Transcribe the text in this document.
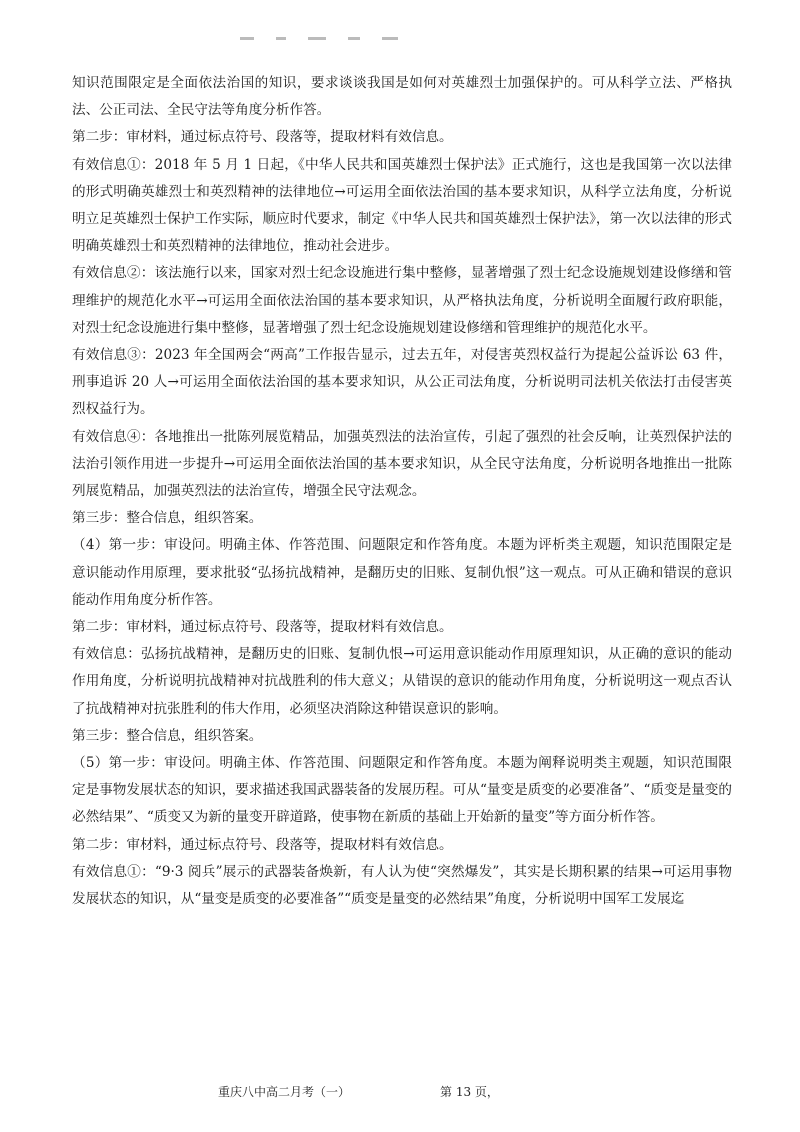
知识范围限定是全面依法治国的知识，要求谈谈我国是如何对英雄烈士加强保护的。可从科学立法、严格执法、公正司法、全民守法等角度分析作答。

第二步：审材料，通过标点符号、段落等，提取材料有效信息。

有效信息①：2018 年 5 月 1 日起，《中华人民共和国英雄烈士保护法》正式施行，这也是我国第一次以法律的形式明确英雄烈士和英烈精神的法律地位→可运用全面依法治国的基本要求知识，从科学立法角度，分析说明立足英雄烈士保护工作实际，顺应时代要求，制定《中华人民共和国英雄烈士保护法》，第一次以法律的形式明确英雄烈士和英烈精神的法律地位，推动社会进步。

有效信息②：该法施行以来，国家对烈士纪念设施进行集中整修，显著增强了烈士纪念设施规划建设修缮和管理维护的规范化水平→可运用全面依法治国的基本要求知识，从严格执法角度，分析说明全面履行政府职能，对烈士纪念设施进行集中整修，显著增强了烈士纪念设施规划建设修缮和管理维护的规范化水平。

有效信息③：2023 年全国两会“两高”工作报告显示，过去五年，对侵害英烈权益行为提起公益诉讼 63 件，刑事追诉 20 人→可运用全面依法治国的基本要求知识，从公正司法角度，分析说明司法机关依法打击侵害英烈权益行为。

有效信息④：各地推出一批陈列展览精品，加强英烈法的法治宣传，引起了强烈的社会反响，让英烈保护法的法治引领作用进一步提升→可运用全面依法治国的基本要求知识，从全民守法角度，分析说明各地推出一批陈列展览精品，加强英烈法的法治宣传，增强全民守法观念。

第三步：整合信息，组织答案。

（4）第一步：审设问。明确主体、作答范围、问题限定和作答角度。本题为评析类主观题，知识范围限定是意识能动作用原理，要求批驳“弘扬抗战精神，是翻历史的旧账、复制仇恨”这一观点。可从正确和错误的意识能动作用角度分析作答。

第二步：审材料，通过标点符号、段落等，提取材料有效信息。

有效信息：弘扬抗战精神，是翻历史的旧账、复制仇恨→可运用意识能动作用原理知识，从正确的意识的能动作用角度，分析说明抗战精神对抗战胜利的伟大意义；从错误的意识的能动作用角度，分析说明这一观点否认了抗战精神对抗张胜利的伟大作用，必须坚决消除这种错误意识的影响。

第三步：整合信息，组织答案。

（5）第一步：审设问。明确主体、作答范围、问题限定和作答角度。本题为阐释说明类主观题，知识范围限定是事物发展状态的知识，要求描述我国武器装备的发展历程。可从“量变是质变的必要准备”、“质变是量变的必然结果”、“质变又为新的量变开辟道路，使事物在新质的基础上开始新的量变”等方面分析作答。

第二步：审材料，通过标点符号、段落等，提取材料有效信息。

有效信息①：“9·3 阅兵”展示的武器装备焕新，有人认为使“突然爆发”，其实是长期积累的结果→可运用事物发展状态的知识，从“量变是质变的必要准备”“质变是量变的必然结果”角度，分析说明中国军工发展迄

重庆八中高二月考（一）	第 13 页，
